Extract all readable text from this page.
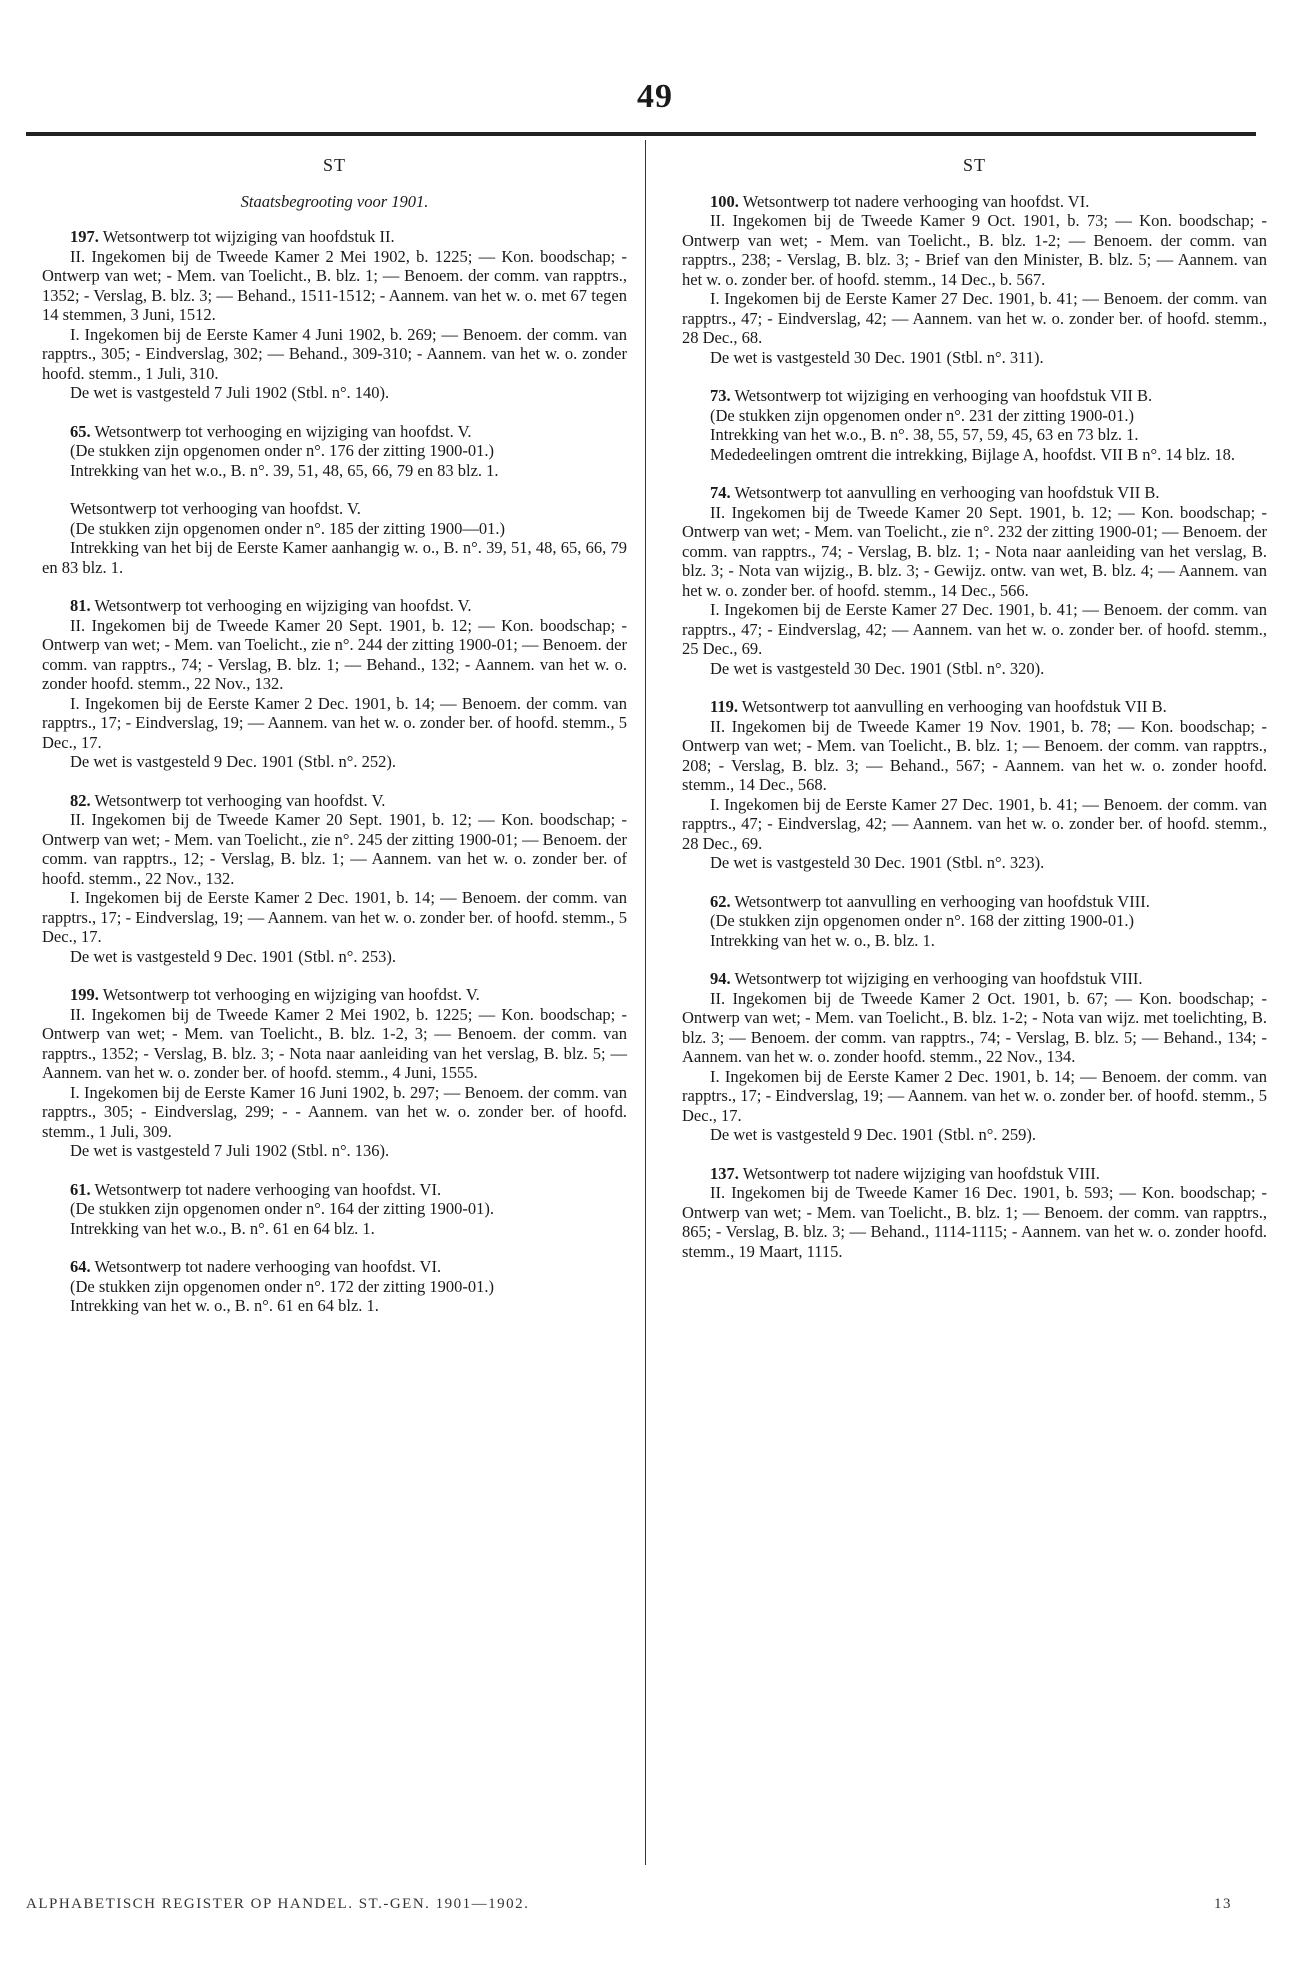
49
ST
Staatsbegrooting voor 1901.

197. Wetsontwerp tot wijziging van hoofdstuk II.

II. Ingekomen bij de Tweede Kamer 2 Mei 1902, b. 1225; — Kon. boodschap; - Ontwerp van wet; - Mem. van Toelicht., B. blz. 1; — Benoem. der comm. van rapptrs., 1352; - Verslag, B. blz. 3; — Behand., 1511-1512; - Aannem. van het w. o. met 67 tegen 14 stemmen, 3 Juni, 1512.

I. Ingekomen bij de Eerste Kamer 4 Juni 1902, b. 269; — Benoem. der comm. van rapptrs., 305; - Eindverslag, 302; — Behand., 309-310; - Aannem. van het w. o. zonder hoofd. stemm., 1 Juli, 310.

De wet is vastgesteld 7 Juli 1902 (Stbl. n°. 140).

65. Wetsontwerp tot verhooging en wijziging van hoofdst. V.

(De stukken zijn opgenomen onder n°. 176 der zitting 1900-01.)

Intrekking van het w.o., B. n°. 39, 51, 48, 65, 66, 79 en 83 blz. 1.

Wetsontwerp tot verhooging van hoofdst. V.

(De stukken zijn opgenomen onder n°. 185 der zitting 1900—01.)

Intrekking van het bij de Eerste Kamer aanhangig w. o., B. n°. 39, 51, 48, 65, 66, 79 en 83 blz. 1.

81. Wetsontwerp tot verhooging en wijziging van hoofdst. V.

II. Ingekomen bij de Tweede Kamer 20 Sept. 1901, b. 12; — Kon. boodschap; - Ontwerp van wet; - Mem. van Toelicht., zie n°. 244 der zitting 1900-01; — Benoem. der comm. van rapptrs., 74; - Verslag, B. blz. 1; — Behand., 132; - Aannem. van het w. o. zonder hoofd. stemm., 22 Nov., 132.

I. Ingekomen bij de Eerste Kamer 2 Dec. 1901, b. 14; — Benoem. der comm. van rapptrs., 17; - Eindverslag, 19; — Aannem. van het w. o. zonder ber. of hoofd. stemm., 5 Dec., 17.

De wet is vastgesteld 9 Dec. 1901 (Stbl. n°. 252).

82. Wetsontwerp tot verhooging van hoofdst. V.

II. Ingekomen bij de Tweede Kamer 20 Sept. 1901, b. 12; — Kon. boodschap; - Ontwerp van wet; - Mem. van Toelicht., zie n°. 245 der zitting 1900-01; — Benoem. der comm. van rapptrs., 12; - Verslag, B. blz. 1; — Aannem. van het w. o. zonder ber. of hoofd. stemm., 22 Nov., 132.

I. Ingekomen bij de Eerste Kamer 2 Dec. 1901, b. 14; — Benoem. der comm. van rapptrs., 17; - Eindverslag, 19; — Aannem. van het w. o. zonder ber. of hoofd. stemm., 5 Dec., 17.

De wet is vastgesteld 9 Dec. 1901 (Stbl. n°. 253).

199. Wetsontwerp tot verhooging en wijziging van hoofdst. V.

II. Ingekomen bij de Tweede Kamer 2 Mei 1902, b. 1225; — Kon. boodschap; - Ontwerp van wet; - Mem. van Toelicht., B. blz. 1-2, 3; — Benoem. der comm. van rapptrs., 1352; - Verslag, B. blz. 3; - Nota naar aanleiding van het verslag, B. blz. 5; — Aannem. van het w. o. zonder ber. of hoofd. stemm., 4 Juni, 1555.

I. Ingekomen bij de Eerste Kamer 16 Juni 1902, b. 297; — Benoem. der comm. van rapptrs., 305; - Eindverslag, 299; - - Aannem. van het w. o. zonder ber. of hoofd. stemm., 1 Juli, 309.

De wet is vastgesteld 7 Juli 1902 (Stbl. n°. 136).

61. Wetsontwerp tot nadere verhooging van hoofdst. VI.

(De stukken zijn opgenomen onder n°. 164 der zitting 1900-01).

Intrekking van het w.o., B. n°. 61 en 64 blz. 1.

64. Wetsontwerp tot nadere verhooging van hoofdst. VI.

(De stukken zijn opgenomen onder n°. 172 der zitting 1900-01.)

Intrekking van het w. o., B. n°. 61 en 64 blz. 1.

ST

100. Wetsontwerp tot nadere verhooging van hoofdst. VI.

II. Ingekomen bij de Tweede Kamer 9 Oct. 1901, b. 73; — Kon. boodschap; - Ontwerp van wet; - Mem. van Toelicht., B. blz. 1-2; — Benoem. der comm. van rapptrs., 238; - Verslag, B. blz. 3; - Brief van den Minister, B. blz. 5; — Aannem. van het w. o. zonder ber. of hoofd. stemm., 14 Dec., b. 567.

I. Ingekomen bij de Eerste Kamer 27 Dec. 1901, b. 41; — Benoem. der comm. van rapptrs., 47; - Eindverslag, 42; — Aannem. van het w. o. zonder ber. of hoofd. stemm., 28 Dec., 68.

De wet is vastgesteld 30 Dec. 1901 (Stbl. n°. 311).

73. Wetsontwerp tot wijziging en verhooging van hoofdstuk VII B.

(De stukken zijn opgenomen onder n°. 231 der zitting 1900-01.)

Intrekking van het w.o., B. n°. 38, 55, 57, 59, 45, 63 en 73 blz. 1.

Mededeelingen omtrent die intrekking, Bijlage A, hoofdst. VII B n°. 14 blz. 18.

74. Wetsontwerp tot aanvulling en verhooging van hoofdstuk VII B.

II. Ingekomen bij de Tweede Kamer 20 Sept. 1901, b. 12; — Kon. boodschap; - Ontwerp van wet; - Mem. van Toelicht., zie n°. 232 der zitting 1900-01; — Benoem. der comm. van rapptrs., 74; - Verslag, B. blz. 1; - Nota naar aanleiding van het verslag, B. blz. 3; - Nota van wijzig., B. blz. 3; - Gewijz. ontw. van wet, B. blz. 4; — Aannem. van het w. o. zonder ber. of hoofd. stemm., 14 Dec., 566.

I. Ingekomen bij de Eerste Kamer 27 Dec. 1901, b. 41; — Benoem. der comm. van rapptrs., 47; - Eindverslag, 42; — Aannem. van het w. o. zonder ber. of hoofd. stemm., 25 Dec., 69.

De wet is vastgesteld 30 Dec. 1901 (Stbl. n°. 320).

119. Wetsontwerp tot aanvulling en verhooging van hoofdstuk VII B.

II. Ingekomen bij de Tweede Kamer 19 Nov. 1901, b. 78; — Kon. boodschap; - Ontwerp van wet; - Mem. van Toelicht., B. blz. 1; — Benoem. der comm. van rapptrs., 208; - Verslag, B. blz. 3; — Behand., 567; - Aannem. van het w. o. zonder hoofd. stemm., 14 Dec., 568.

I. Ingekomen bij de Eerste Kamer 27 Dec. 1901, b. 41; — Benoem. der comm. van rapptrs., 47; - Eindverslag, 42; — Aannem. van het w. o. zonder ber. of hoofd. stemm., 28 Dec., 69.

De wet is vastgesteld 30 Dec. 1901 (Stbl. n°. 323).

62. Wetsontwerp tot aanvulling en verhooging van hoofdstuk VIII.

(De stukken zijn opgenomen onder n°. 168 der zitting 1900-01.)

Intrekking van het w. o., B. blz. 1.

94. Wetsontwerp tot wijziging en verhooging van hoofdstuk VIII.

II. Ingekomen bij de Tweede Kamer 2 Oct. 1901, b. 67; — Kon. boodschap; - Ontwerp van wet; - Mem. van Toelicht., B. blz. 1-2; - Nota van wijz. met toelichting, B. blz. 3; — Benoem. der comm. van rapptrs., 74; - Verslag, B. blz. 5; — Behand., 134; - Aannem. van het w. o. zonder hoofd. stemm., 22 Nov., 134.

I. Ingekomen bij de Eerste Kamer 2 Dec. 1901, b. 14; — Benoem. der comm. van rapptrs., 17; - Eindverslag, 19; — Aannem. van het w. o. zonder ber. of hoofd. stemm., 5 Dec., 17.

De wet is vastgesteld 9 Dec. 1901 (Stbl. n°. 259).

137. Wetsontwerp tot nadere wijziging van hoofdstuk VIII.

II. Ingekomen bij de Tweede Kamer 16 Dec. 1901, b. 593; — Kon. boodschap; - Ontwerp van wet; - Mem. van Toelicht., B. blz. 1; — Benoem. der comm. van rapptrs., 865; - Verslag, B. blz. 3; — Behand., 1114-1115; - Aannem. van het w. o. zonder hoofd. stemm., 19 Maart, 1115.

ALPHABETISCH REGISTER OP HANDEL. ST.-GEN. 1901—1902.	13
